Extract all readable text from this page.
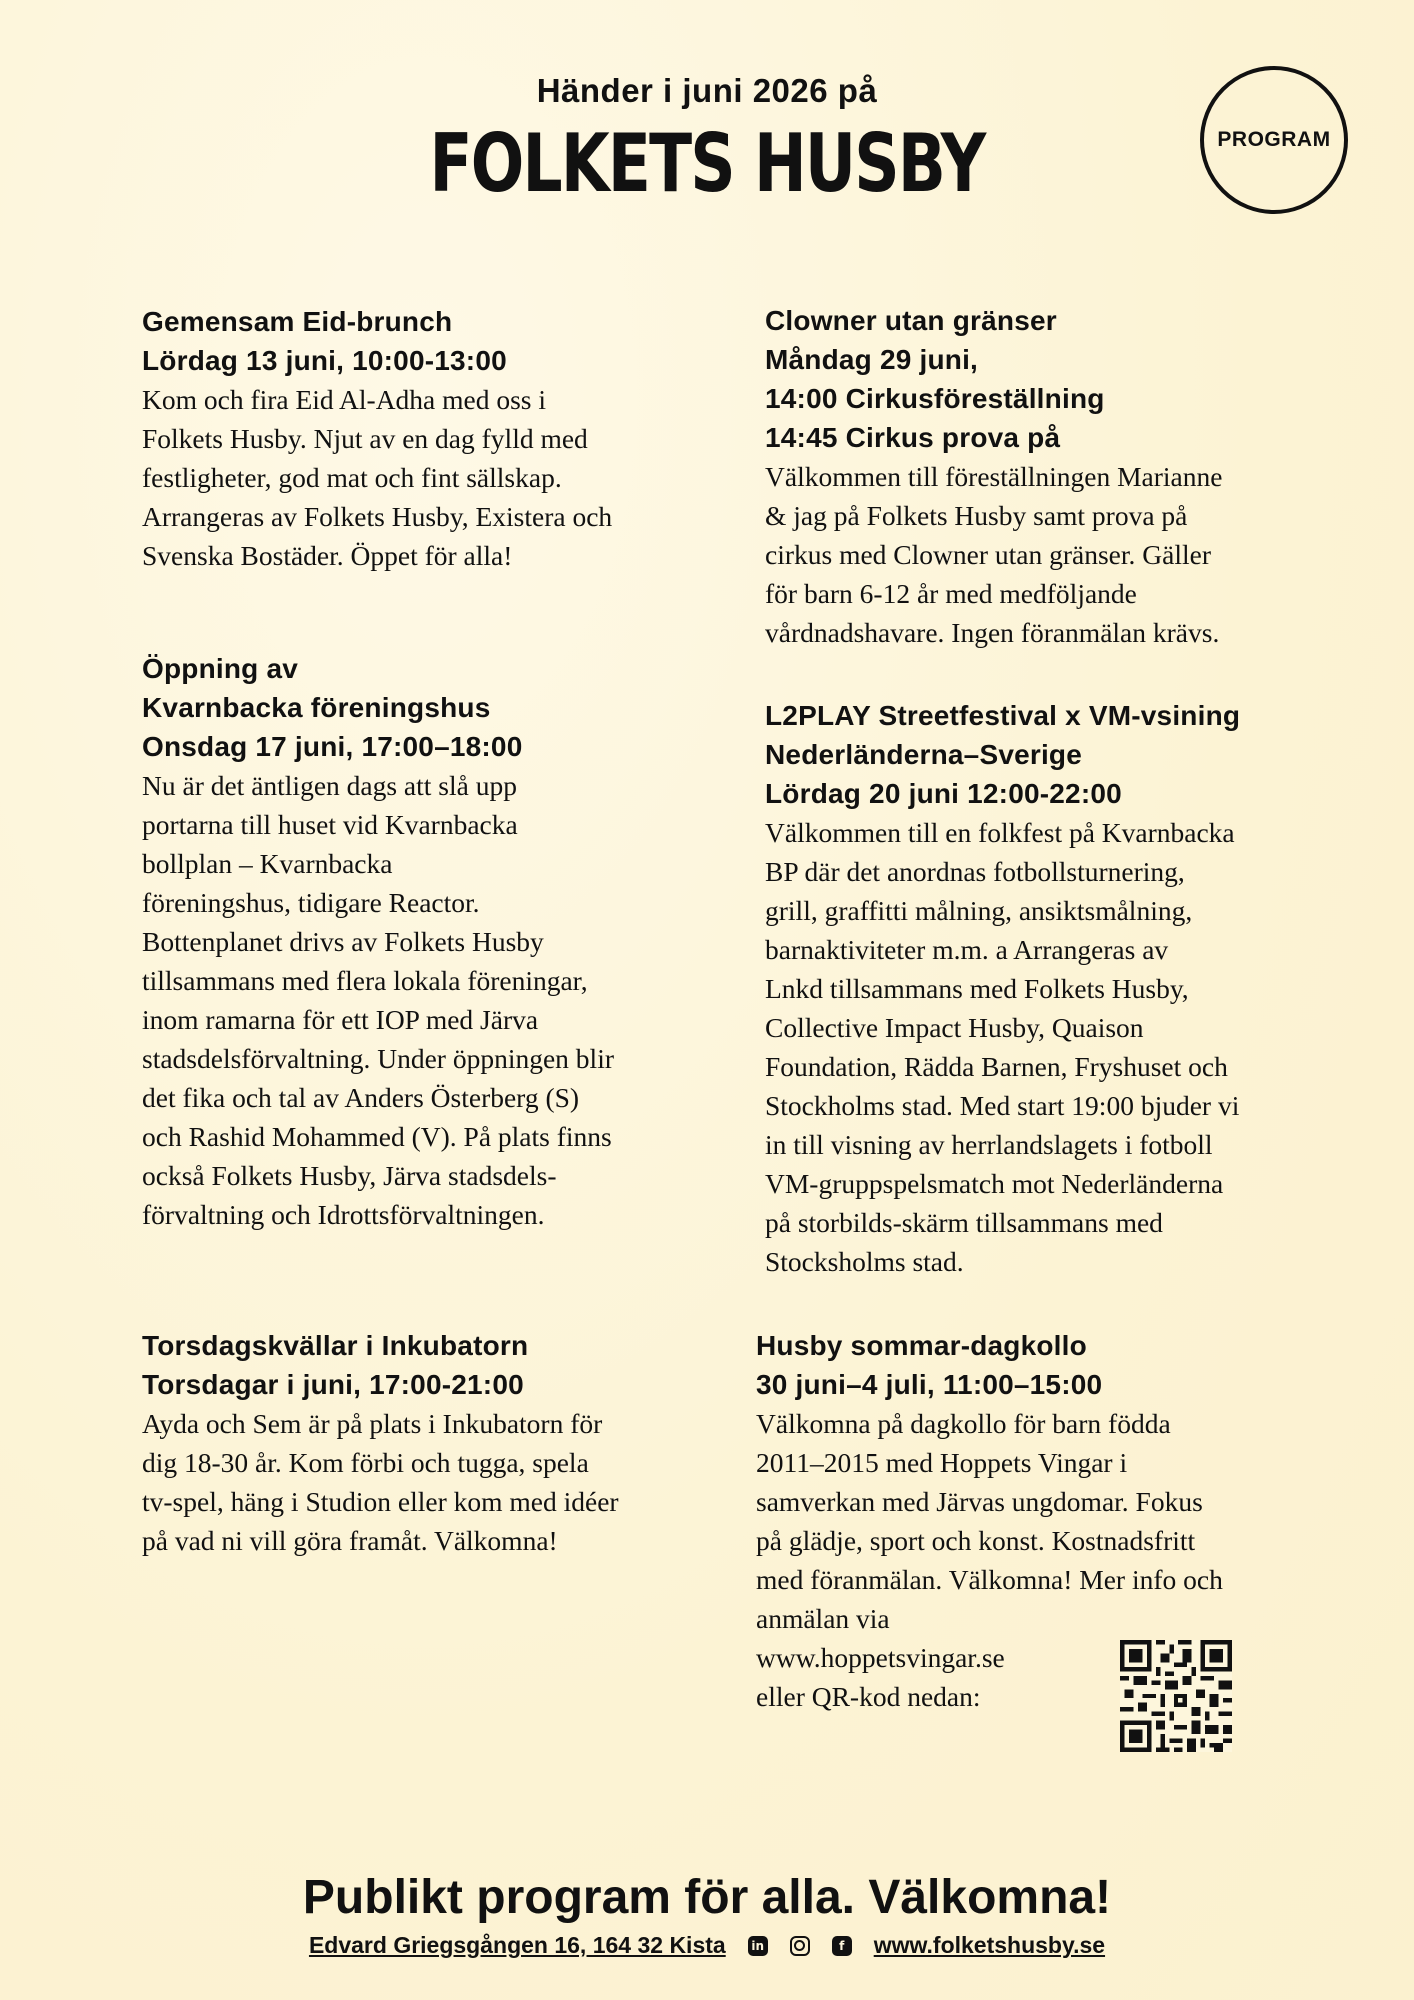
Händer i juni 2026 på
FOLKETS HUSBY	PROGRAM
Gemensam Eid-brunch
Lördag 13 juni, 10:00-13:00
Kom och fira Eid Al-Adha med oss i
Folkets Husby. Njut av en dag fylld med
festligheter, god mat och fint sällskap.
Arrangeras av Folkets Husby, Existera och
Svenska Bostäder. Öppet för alla!
Öppning av
Kvarnbacka föreningshus
Onsdag 17 juni, 17:00–18:00
Nu är det äntligen dags att slå upp
portarna till huset vid Kvarnbacka
bollplan – Kvarnbacka
föreningshus, tidigare Reactor.
Bottenplanet drivs av Folkets Husby
tillsammans med flera lokala föreningar,
inom ramarna för ett IOP med Järva
stadsdelsförvaltning. Under öppningen blir
det fika och tal av Anders Österberg (S)
och Rashid Mohammed (V). På plats finns
också Folkets Husby, Järva stadsdels-
förvaltning och Idrottsförvaltningen.
Torsdagskvällar i Inkubatorn
Torsdagar i juni, 17:00-21:00
Ayda och Sem är på plats i Inkubatorn för
dig 18-30 år. Kom förbi och tugga, spela
tv-spel, häng i Studion eller kom med idéer
på vad ni vill göra framåt. Välkomna!
Clowner utan gränser
Måndag 29 juni,
14:00 Cirkusföreställning
14:45 Cirkus prova på
Välkommen till föreställningen Marianne
& jag på Folkets Husby samt prova på
cirkus med Clowner utan gränser. Gäller
för barn 6-12 år med medföljande
vårdnadshavare. Ingen föranmälan krävs.
L2PLAY Streetfestival x VM-vsining
Nederländerna–Sverige
Lördag 20 juni 12:00-22:00
Välkommen till en folkfest på Kvarnbacka
BP där det anordnas fotbollsturnering,
grill, graffitti målning, ansiktsmålning,
barnaktiviteter m.m. a Arrangeras av
Lnkd tillsammans med Folkets Husby,
Collective Impact Husby, Quaison
Foundation, Rädda Barnen, Fryshuset och
Stockholms stad. Med start 19:00 bjuder vi
in till visning av herrlandslagets i fotboll
VM-gruppspelsmatch mot Nederländerna
på storbilds-skärm tillsammans med
Stocksholms stad.
Husby sommar-dagkollo
30 juni–4 juli, 11:00–15:00
Välkomna på dagkollo för barn födda
2011–2015 med Hoppets Vingar i
samverkan med Järvas ungdomar. Fokus
på glädje, sport och konst. Kostnadsfritt
med föranmälan. Välkomna! Mer info och
anmälan via
www.hoppetsvingar.se
eller QR-kod nedan:
Publikt program för alla. Välkomna!
Edvard Griegsgången 16, 164 32 Kista	in	f	www.folketshusby.se
